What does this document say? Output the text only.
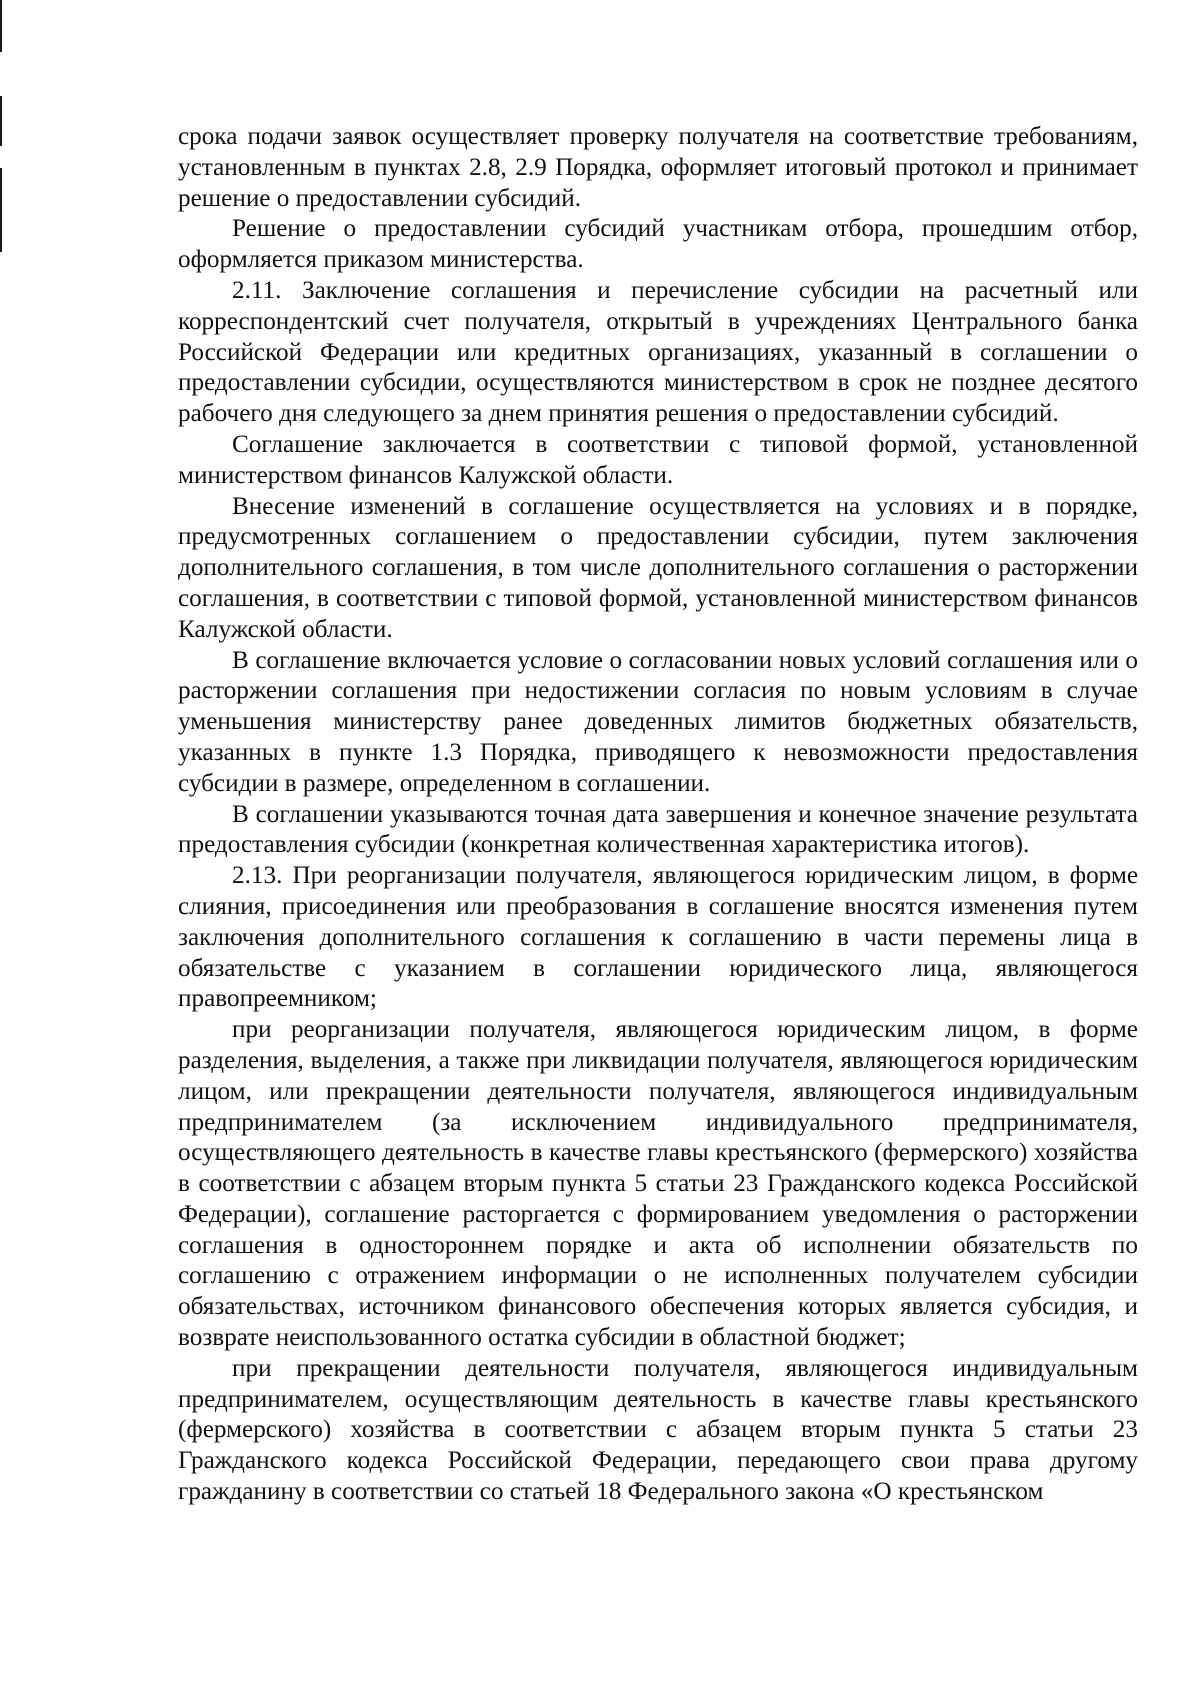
срока подачи заявок осуществляет проверку получателя на соответствие требованиям, установленным в пунктах 2.8, 2.9 Порядка, оформляет итоговый протокол и принимает решение о предоставлении субсидий.

Решение о предоставлении субсидий участникам отбора, прошедшим отбор, оформляется приказом министерства.

2.11. Заключение соглашения и перечисление субсидии на расчетный или корреспондентский счет получателя, открытый в учреждениях Центрального банка Российской Федерации или кредитных организациях, указанный в соглашении о предоставлении субсидии, осуществляются министерством в срок не позднее десятого рабочего дня следующего за днем принятия решения о предоставлении субсидий.

Соглашение заключается в соответствии с типовой формой, установленной министерством финансов Калужской области.

Внесение изменений в соглашение осуществляется на условиях и в порядке, предусмотренных соглашением о предоставлении субсидии, путем заключения дополнительного соглашения, в том числе дополнительного соглашения о расторжении соглашения, в соответствии с типовой формой, установленной министерством финансов Калужской области.

В соглашение включается условие о согласовании новых условий соглашения или о расторжении соглашения при недостижении согласия по новым условиям в случае уменьшения министерству ранее доведенных лимитов бюджетных обязательств, указанных в пункте 1.3 Порядка, приводящего к невозможности предоставления субсидии в размере, определенном в соглашении.

В соглашении указываются точная дата завершения и конечное значение результата предоставления субсидии (конкретная количественная характеристика итогов).

2.13. При реорганизации получателя, являющегося юридическим лицом, в форме слияния, присоединения или преобразования в соглашение вносятся изменения путем заключения дополнительного соглашения к соглашению в части перемены лица в обязательстве с указанием в соглашении юридического лица, являющегося правопреемником;

при реорганизации получателя, являющегося юридическим лицом, в форме разделения, выделения, а также при ликвидации получателя, являющегося юридическим лицом, или прекращении деятельности получателя, являющегося индивидуальным предпринимателем (за исключением индивидуального предпринимателя, осуществляющего деятельность в качестве главы крестьянского (фермерского) хозяйства в соответствии с абзацем вторым пункта 5 статьи 23 Гражданского кодекса Российской Федерации), соглашение расторгается с формированием уведомления о расторжении соглашения в одностороннем порядке и акта об исполнении обязательств по соглашению с отражением информации о не исполненных получателем субсидии обязательствах, источником финансового обеспечения которых является субсидия, и возврате неиспользованного остатка субсидии в областной бюджет;

при прекращении деятельности получателя, являющегося индивидуальным предпринимателем, осуществляющим деятельность в качестве главы крестьянского (фермерского) хозяйства в соответствии с абзацем вторым пункта 5 статьи 23 Гражданского кодекса Российской Федерации, передающего свои права другому гражданину в соответствии со статьей 18 Федерального закона «О крестьянском
